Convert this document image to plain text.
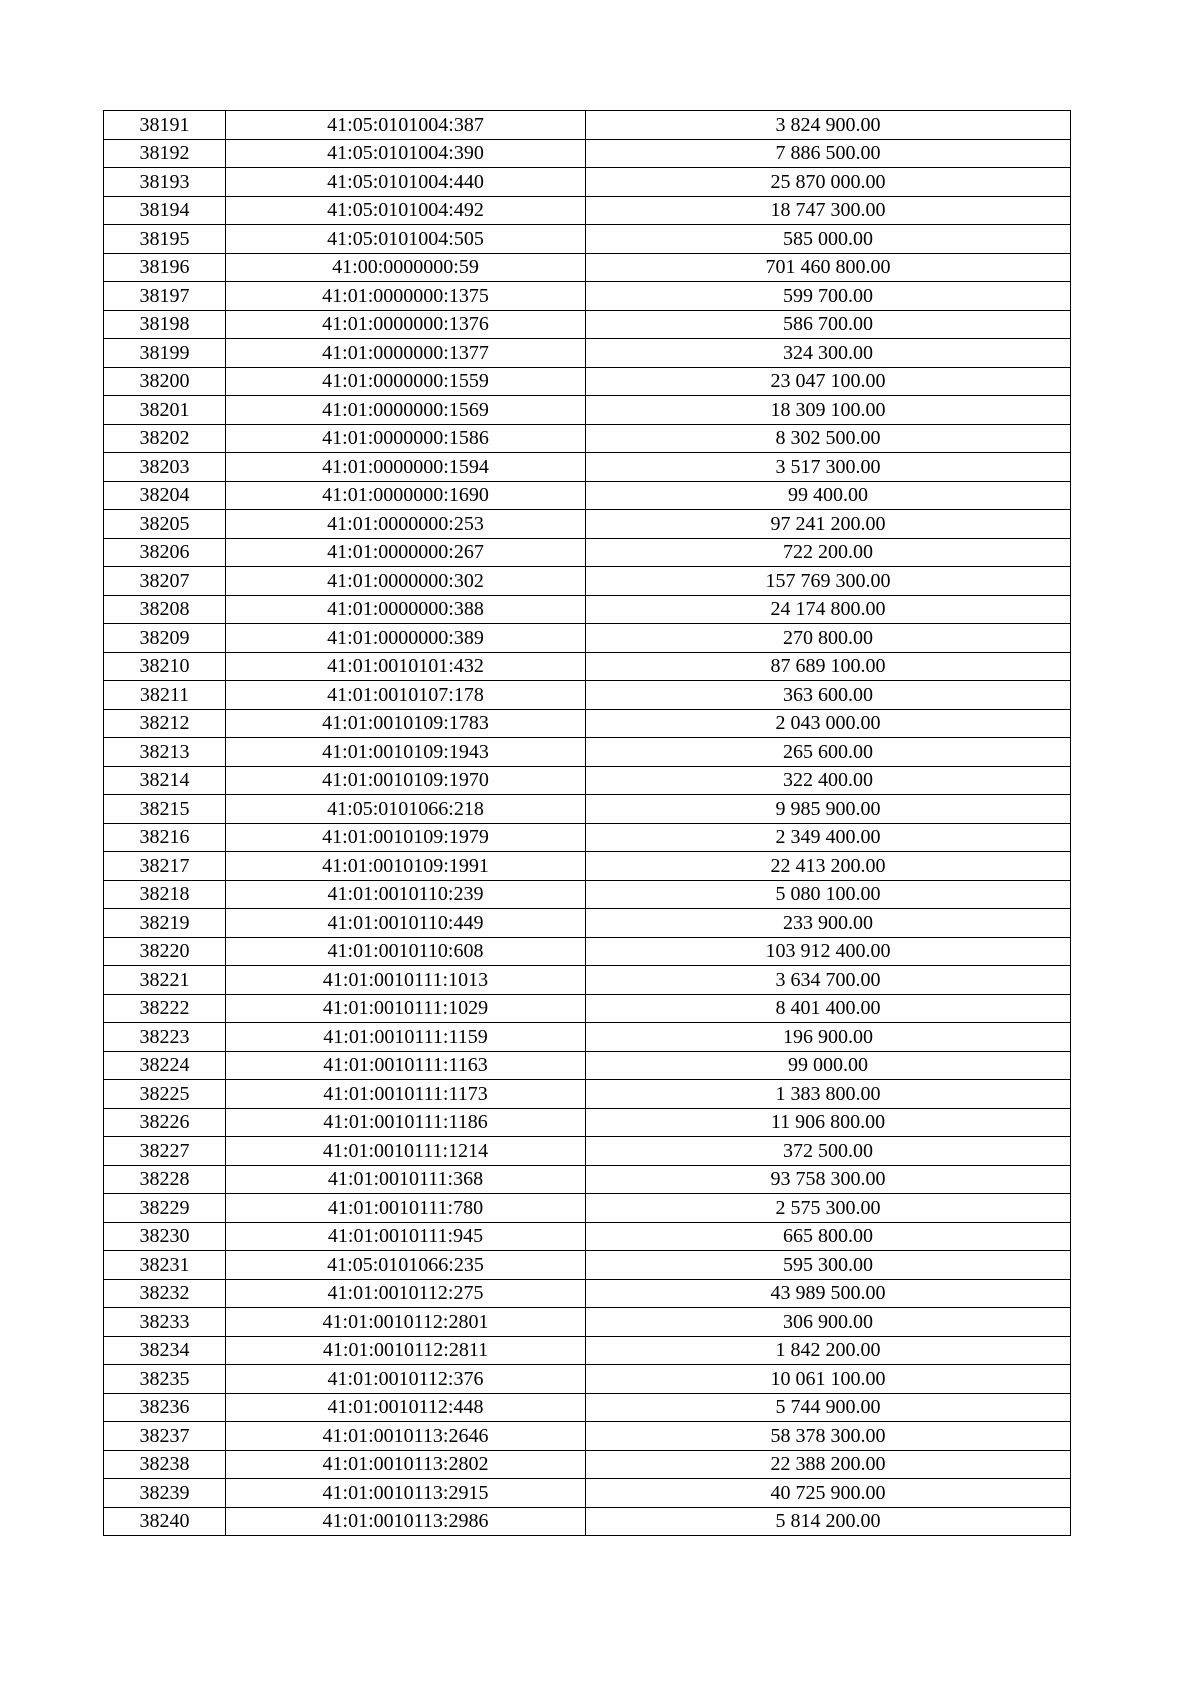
38191	41:05:0101004:387	3 824 900.00
38192	41:05:0101004:390	7 886 500.00
38193	41:05:0101004:440	25 870 000.00
38194	41:05:0101004:492	18 747 300.00
38195	41:05:0101004:505	585 000.00
38196	41:00:0000000:59	701 460 800.00
38197	41:01:0000000:1375	599 700.00
38198	41:01:0000000:1376	586 700.00
38199	41:01:0000000:1377	324 300.00
38200	41:01:0000000:1559	23 047 100.00
38201	41:01:0000000:1569	18 309 100.00
38202	41:01:0000000:1586	8 302 500.00
38203	41:01:0000000:1594	3 517 300.00
38204	41:01:0000000:1690	99 400.00
38205	41:01:0000000:253	97 241 200.00
38206	41:01:0000000:267	722 200.00
38207	41:01:0000000:302	157 769 300.00
38208	41:01:0000000:388	24 174 800.00
38209	41:01:0000000:389	270 800.00
38210	41:01:0010101:432	87 689 100.00
38211	41:01:0010107:178	363 600.00
38212	41:01:0010109:1783	2 043 000.00
38213	41:01:0010109:1943	265 600.00
38214	41:01:0010109:1970	322 400.00
38215	41:05:0101066:218	9 985 900.00
38216	41:01:0010109:1979	2 349 400.00
38217	41:01:0010109:1991	22 413 200.00
38218	41:01:0010110:239	5 080 100.00
38219	41:01:0010110:449	233 900.00
38220	41:01:0010110:608	103 912 400.00
38221	41:01:0010111:1013	3 634 700.00
38222	41:01:0010111:1029	8 401 400.00
38223	41:01:0010111:1159	196 900.00
38224	41:01:0010111:1163	99 000.00
38225	41:01:0010111:1173	1 383 800.00
38226	41:01:0010111:1186	11 906 800.00
38227	41:01:0010111:1214	372 500.00
38228	41:01:0010111:368	93 758 300.00
38229	41:01:0010111:780	2 575 300.00
38230	41:01:0010111:945	665 800.00
38231	41:05:0101066:235	595 300.00
38232	41:01:0010112:275	43 989 500.00
38233	41:01:0010112:2801	306 900.00
38234	41:01:0010112:2811	1 842 200.00
38235	41:01:0010112:376	10 061 100.00
38236	41:01:0010112:448	5 744 900.00
38237	41:01:0010113:2646	58 378 300.00
38238	41:01:0010113:2802	22 388 200.00
38239	41:01:0010113:2915	40 725 900.00
38240	41:01:0010113:2986	5 814 200.00
